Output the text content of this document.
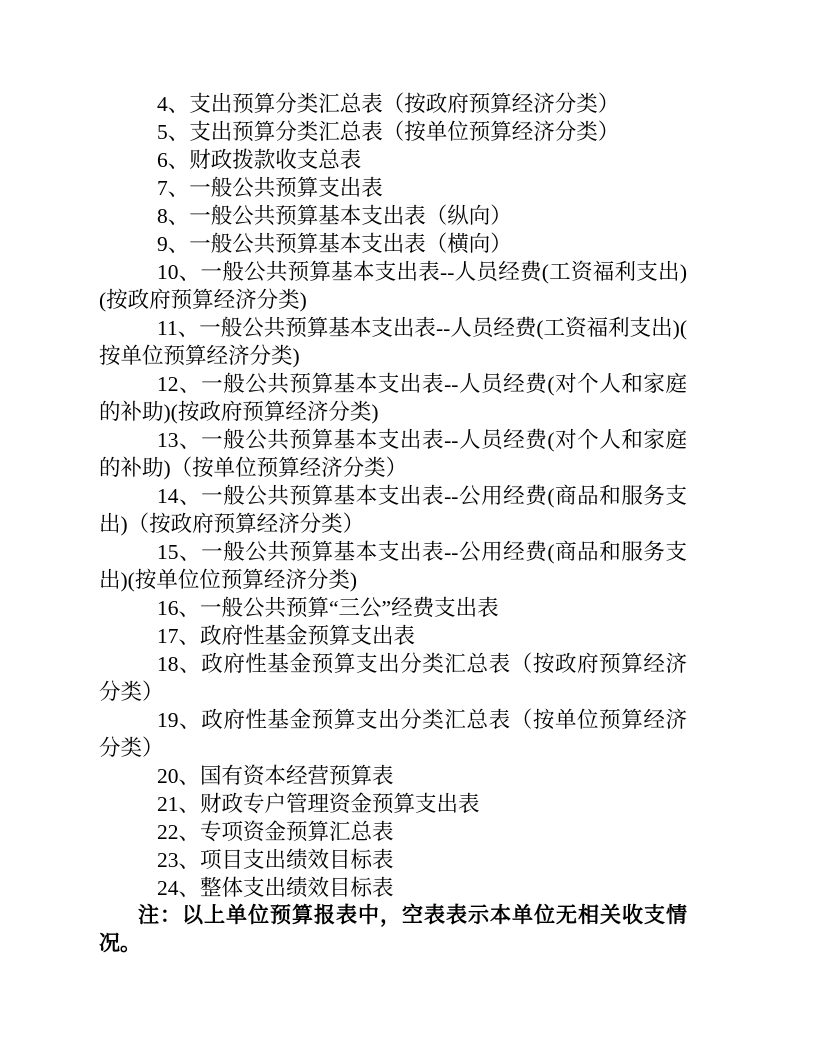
4、支出预算分类汇总表（按政府预算经济分类）

5、支出预算分类汇总表（按单位预算经济分类）

6、财政拨款收支总表

7、一般公共预算支出表

8、一般公共预算基本支出表（纵向）

9、一般公共预算基本支出表（横向）

10、一般公共预算基本支出表--人员经费(工资福利支出)(按政府预算经济分类)

11、一般公共预算基本支出表--人员经费(工资福利支出)(按单位预算经济分类)

12、一般公共预算基本支出表--人员经费(对个人和家庭的补助)(按政府预算经济分类)

13、一般公共预算基本支出表--人员经费(对个人和家庭的补助)（按单位预算经济分类）

14、一般公共预算基本支出表--公用经费(商品和服务支出)（按政府预算经济分类）

15、一般公共预算基本支出表--公用经费(商品和服务支出)(按单位位预算经济分类)

16、一般公共预算“三公”经费支出表

17、政府性基金预算支出表

18、政府性基金预算支出分类汇总表（按政府预算经济分类）

19、政府性基金预算支出分类汇总表（按单位预算经济分类）

20、国有资本经营预算表

21、财政专户管理资金预算支出表

22、专项资金预算汇总表

23、项目支出绩效目标表

24、整体支出绩效目标表

注：以上单位预算报表中，空表表示本单位无相关收支情况。
